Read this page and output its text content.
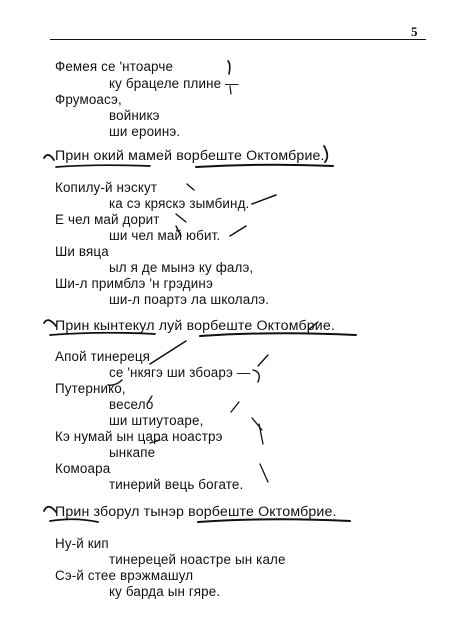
5
Фемея се 'нтоарче
ку брацеле плине —
Фрумоасэ,
войникэ
ши ероинэ.
Прин окий мамей ворбеште Октомбрие.
Копилу-й нэскут
ка сэ кряскэ зымбинд.
Е чел май дорит
ши чел май юбит.
Ши вяца
ыл я де мынэ ку фалэ,
Ши-л примблэ 'н грэдинэ
ши-л поартэ ла школалэ.
Прин кынтекул луй ворбеште Октомбрие.
Апой тинереця
се 'нкягэ ши збоарэ —
Путернико,
весело
ши штиутоаре,
Кэ нумай ын цара ноастрэ
ынкапе
Комоара
тинерий вець богате.
Прин зборул тынэр ворбеште Октомбрие.
Ну-й кип
тинерецей ноастре ын кале
Сэ-й стее врэжмашул
ку барда ын гяре.
